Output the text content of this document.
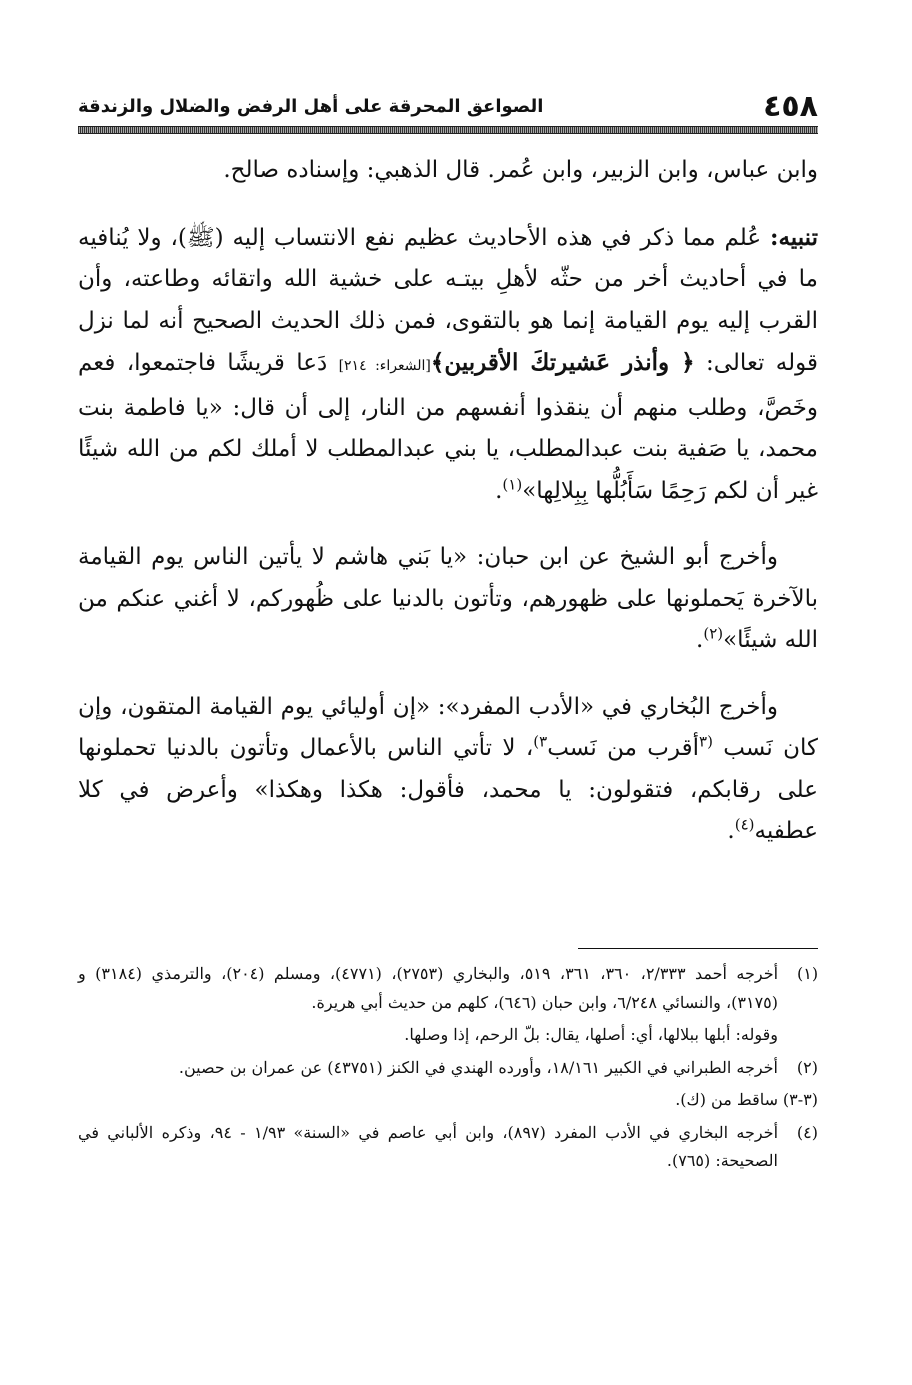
٤٥٨
الصواعق المحرقة على أهل الرفض والضلال والزندقة

وابن عباس، وابن الزبير، وابن عُمر. قال الذهبي: وإسناده صالح.

تنبيه: عُلم مما ذكر في هذه الأحاديث عظيم نفع الانتساب إليه (ﷺ)، ولا يُنافيه ما في أحاديث أخر من حثّه لأهلِ بيتـه على خشية الله واتقائه وطاعته، وأن القرب إليه يوم القيامة إنما هو بالتقوى، فمن ذلك الحديث الصحيح أنه لما نزل قوله تعالى: ﴿ وأنذر عَشيرتكَ الأقربين﴾[الشعراء: ٢١٤] دَعا قريشًا فاجتمعوا، فعم وخَصَّ، وطلب منهم أن ينقذوا أنفسهم من النار، إلى أن قال: «يا فاطمة بنت محمد، يا صَفية بنت عبدالمطلب، يا بني عبدالمطلب لا أملك لكم من الله شيئًا غير أن لكم رَحِمًا سَأَبُلُّها بِبِلالِها»$^{(١)}$.

وأخرج أبو الشيخ عن ابن حبان: «يا بَني هاشم لا يأتين الناس يوم القيامة بالآخرة يَحملونها على ظهورهم، وتأتون بالدنيا على ظُهوركم، لا أغني عنكم من الله شيئًا»$^{(٢)}$.

وأخرج البُخاري في «الأدب المفرد»: «إن أوليائي يوم القيامة المتقون، وإن كان نَسب $^{(٣}$أقرب من نَسب$^{٣)}$، لا تأتي الناس بالأعمال وتأتون بالدنيا تحملونها على رقابكم، فتقولون: يا محمد، فأقول: هكذا وهكذا» وأعرض في كلا عطفيه$^{(٤)}$.

(١)أخرجه أحمد ٢/٣٣٣، ٣٦٠، ٣٦١، ٥١٩، والبخاري (٢٧٥٣)، (٤٧٧١)، ومسلم (٢٠٤)، والترمذي (٣١٨٤) و (٣١٧٥)، والنسائي ٦/٢٤٨، وابن حبان (٦٤٦)، كلهم من حديث أبي هريرة.

وقوله: أبلها ببلالها، أي: أصلها، يقال: بلّ الرحم، إذا وصلها.

(٢)أخرجه الطبراني في الكبير ١٨/١٦١، وأورده الهندي في الكنز (٤٣٧٥١) عن عمران بن حصين.

(٣-٣)ساقط من (ك).

(٤)أخرجه البخاري في الأدب المفرد (٨٩٧)، وابن أبي عاصم في «السنة» ١/٩٣ - ٩٤، وذكره الألباني في الصحيحة: (٧٦٥).
